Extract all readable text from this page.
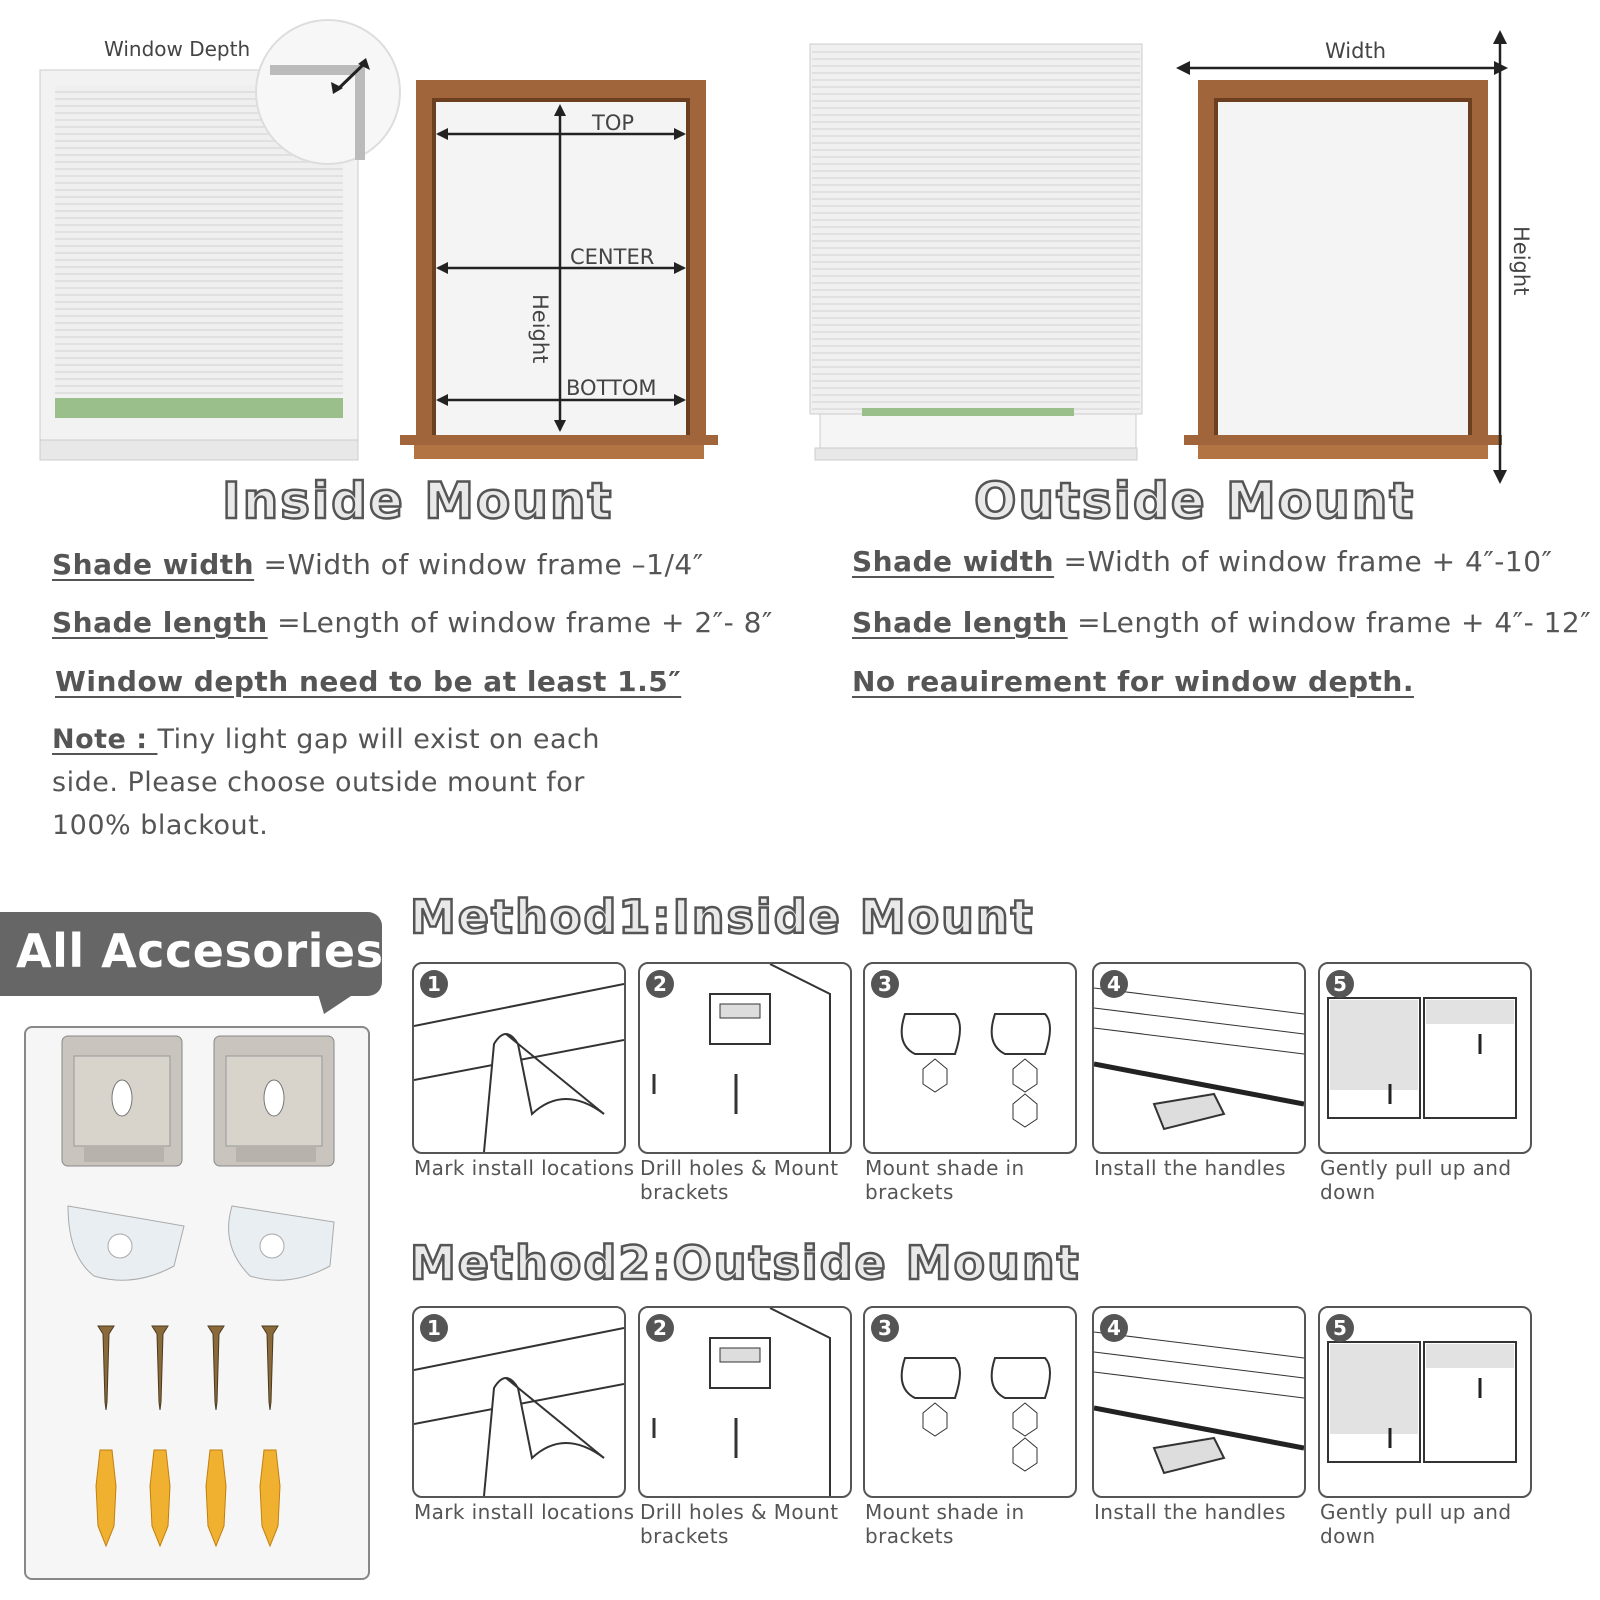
Window Depth
TOP
CENTER
BOTTOM
Height
Width
Height
Inside Mount	Outside Mount
Shade width =Width of window frame –1/4″
Shade length =Length of window frame + 2″- 8″
Window depth need to be at least 1.5″
Note : Tiny light gap will exist on each
side. Please choose outside mount for
100% blackout.
Shade width =Width of window frame + 4″-10″
Shade length =Length of window frame + 4″- 12″
No reauirement for window depth.
All Accesories
Method1:Inside Mount
Method2:Outside Mount
1
Mark install locations
2
Drill holes & Mount brackets
3
Mount shade in brackets
4
Install the handles
5
Gently pull up and down
1
Mark install locations
2
Drill holes & Mount brackets
3
Mount shade in brackets
4
Install the handles
5
Gently pull up and down
